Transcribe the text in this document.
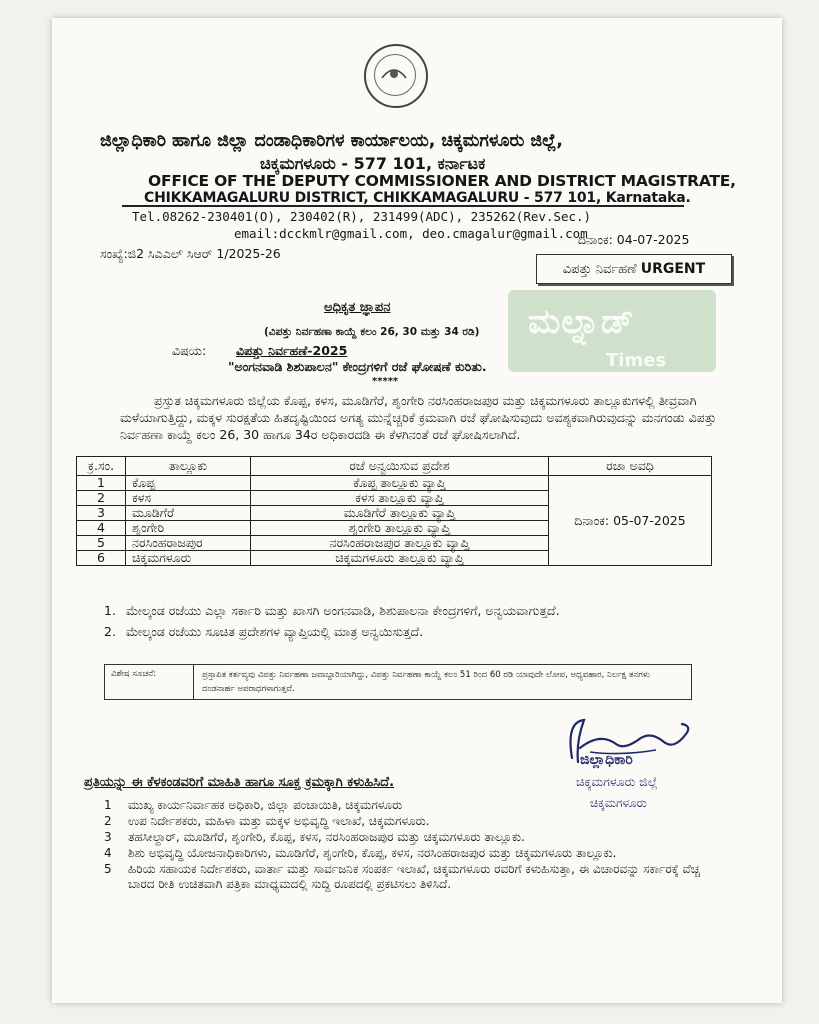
ಜಿಲ್ಲಾಧಿಕಾರಿ ಹಾಗೂ ಜಿಲ್ಲಾ ದಂಡಾಧಿಕಾರಿಗಳ ಕಾರ್ಯಾಲಯ, ಚಿಕ್ಕಮಗಳೂರು ಜಿಲ್ಲೆ,
ಚಿಕ್ಕಮಗಳೂರು - 577 101, ಕರ್ನಾಟಕ
OFFICE OF THE DEPUTY COMMISSIONER AND DISTRICT MAGISTRATE,
CHIKKAMAGALURU DISTRICT, CHIKKAMAGALURU - 577 101, Karnataka.
Tel.08262-230401(O), 230402(R), 231499(ADC), 235262(Rev.Sec.)
email:dcckmlr@gmail.com, deo.cmagalur@gmail.com
ಸಂಖ್ಯೆ:ಜಿ2 ಸಿಎಎಲ್ ಸಿಆರ್ 1/2025-26
ದಿನಾಂಕ: 04-07-2025
ವಿಪತ್ತು ನಿರ್ವಹಣೆ URGENT
ಮಲ್ನಾಡ್
Times
ಅಧಿಕೃತ ಜ್ಞಾಪನ
(ವಿಪತ್ತು ನಿರ್ವಹಣಾ ಕಾಯ್ದೆ ಕಲಂ 26, 30 ಮತ್ತು 34 ರಡಿ)
ವಿಷಯ: ವಿಪತ್ತು ನಿರ್ವಹಣೆ-2025
"ಅಂಗನವಾಡಿ ಶಿಶುಪಾಲನ" ಕೇಂದ್ರಗಳಿಗೆ ರಜೆ ಘೋಷಣೆ ಕುರಿತು.
*****
ಪ್ರಸ್ತುತ ಚಿಕ್ಕಮಗಳೂರು ಜಿಲ್ಲೆಯ ಕೊಪ್ಪ, ಕಳಸ, ಮೂಡಿಗೆರೆ, ಶೃಂಗೇರಿ ನರಸಿಂಹರಾಜಪುರ ಮತ್ತು ಚಿಕ್ಕಮಗಳೂರು ತಾಲ್ಲೂಕುಗಳಲ್ಲಿ ತೀವ್ರವಾಗಿ ಮಳೆಯಾಗುತ್ತಿದ್ದು, ಮಕ್ಕಳ ಸುರಕ್ಷತೆಯ ಹಿತದೃಷ್ಟಿಯಿಂದ ಅಗತ್ಯ ಮುನ್ನೆಚ್ಚರಿಕೆ ಕ್ರಮವಾಗಿ ರಜೆ ಘೋಷಿಸುವುದು ಅವಶ್ಯಕವಾಗಿರುವುದನ್ನು ಮನಗಂಡು ವಿಪತ್ತು ನಿರ್ವಹಣಾ ಕಾಯ್ದೆ ಕಲಂ 26, 30 ಹಾಗೂ 34ರ ಅಧಿಕಾರದಡಿ ಈ ಕೆಳಗಿನಂತೆ ರಜೆ ಘೋಷಿಸಲಾಗಿದೆ.
ಕ್ರ.ಸಂ.	ತಾಲ್ಲೂಕು	ರಜೆ ಅನ್ವಯಿಸುವ ಪ್ರದೇಶ	ರಜಾ ಅವಧಿ
1	ಕೊಪ್ಪ	ಕೊಪ್ಪ ತಾಲ್ಲೂಕು ವ್ಯಾಪ್ತಿ	ದಿನಾಂಕ: 05-07-2025
2	ಕಳಸ	ಕಳಸ ತಾಲ್ಲೂಕು ವ್ಯಾಪ್ತಿ	
3	ಮೂಡಿಗೆರೆ	ಮೂಡಿಗೆರೆ ತಾಲ್ಲೂಕು ವ್ಯಾಪ್ತಿ	
4	ಶೃಂಗೇರಿ	ಶೃಂಗೇರಿ ತಾಲ್ಲೂಕು ವ್ಯಾಪ್ತಿ	
5	ನರಸಿಂಹರಾಜಪುರ	ನರಸಿಂಹರಾಜಪುರ ತಾಲ್ಲೂಕು ವ್ಯಾಪ್ತಿ	
6	ಚಿಕ್ಕಮಗಳೂರು	ಚಿಕ್ಕಮಗಳೂರು ತಾಲ್ಲೂಕು ವ್ಯಾಪ್ತಿ	
1. ಮೇಲ್ಕಂಡ ರಜೆಯು ಎಲ್ಲಾ ಸರ್ಕಾರಿ ಮತ್ತು ಖಾಸಗಿ ಅಂಗನವಾಡಿ, ಶಿಶುಪಾಲನಾ ಕೇಂದ್ರಗಳಿಗೆ, ಅನ್ವಯವಾಗುತ್ತದೆ.
2. ಮೇಲ್ಕಂಡ ರಜೆಯು ಸೂಚಿತ ಪ್ರದೇಶಗಳ ವ್ಯಾಪ್ತಿಯಲ್ಲಿ ಮಾತ್ರ ಅನ್ವಯಿಸುತ್ತದೆ.
ವಿಶೇಷ ಸೂಚನೆ:	ಪ್ರಸ್ತಾಪಿತ ಕರ್ತವ್ಯವು ವಿಪತ್ತು ನಿರ್ವಹಣಾ ಜವಾಬ್ದಾರಿಯಾಗಿದ್ದು, ವಿಪತ್ತು ನಿರ್ವಹಣಾ ಕಾಯ್ದೆ ಕಲಂ 51 ರಿಂದ 60 ರಡಿ ಯಾವುದೇ ಲೋಪ, ಅಧ್ಯವಹಾರ, ನಿರ್ಲಕ್ಷ ತನಗಳು ದಂಡನಾರ್ಹ ಅಪರಾಧಗಳಾಗುತ್ತವೆ.
ಜಿಲ್ಲಾಧಿಕಾರಿ
ಚಿಕ್ಕಮಗಳೂರು ಜಿಲ್ಲೆ
ಚಿಕ್ಕಮಗಳೂರು
ಪ್ರತಿಯನ್ನು ಈ ಕೆಳಕಂಡವರಿಗೆ ಮಾಹಿತಿ ಹಾಗೂ ಸೂಕ್ತ ಕ್ರಮಕ್ಕಾಗಿ ಕಳುಹಿಸಿದೆ.
1	ಮುಖ್ಯ ಕಾರ್ಯನಿರ್ವಾಹಕ ಅಧಿಕಾರಿ, ಜಿಲ್ಲಾ ಪಂಚಾಯಿತಿ, ಚಿಕ್ಕಮಗಳೂರು
2	ಉಪ ನಿರ್ದೇಶಕರು, ಮಹಿಳಾ ಮತ್ತು ಮಕ್ಕಳ ಅಭಿವೃದ್ಧಿ ಇಲಾಖೆ, ಚಿಕ್ಕಮಗಳೂರು.
3	ತಹಸೀಲ್ದಾರ್, ಮೂಡಿಗೆರೆ, ಶೃಂಗೇರಿ, ಕೊಪ್ಪ, ಕಳಸ, ನರಸಿಂಹರಾಜಪುರ ಮತ್ತು ಚಿಕ್ಕಮಗಳೂರು ತಾಲ್ಲೂಕು.
4	ಶಿಶು ಅಭಿವೃದ್ಧಿ ಯೋಜನಾಧಿಕಾರಿಗಳು, ಮೂಡಿಗೆರೆ, ಶೃಂಗೇರಿ, ಕೊಪ್ಪ, ಕಳಸ, ನರಸಿಂಹರಾಜಪುರ ಮತ್ತು ಚಿಕ್ಕಮಗಳೂರು ತಾಲ್ಲೂಕು.
5	ಹಿರಿಯ ಸಹಾಯಕ ನಿರ್ದೇಶಕರು, ವಾರ್ತಾ ಮತ್ತು ಸಾರ್ವಜನಿಕ ಸಂಪರ್ಕ ಇಲಾಖೆ, ಚಿಕ್ಕಮಗಳೂರು ರವರಿಗೆ ಕಳುಹಿಸುತ್ತಾ, ಈ ವಿಚಾರವನ್ನು ಸರ್ಕಾರಕ್ಕೆ ವೆಚ್ಚ ಬಾರದ ರೀತಿ ಉಚಿತವಾಗಿ ಪತ್ರಿಕಾ ಮಾಧ್ಯಮದಲ್ಲಿ ಸುದ್ದಿ ರೂಪದಲ್ಲಿ ಪ್ರಕಟಿಸಲು ತಿಳಿಸಿದೆ.
